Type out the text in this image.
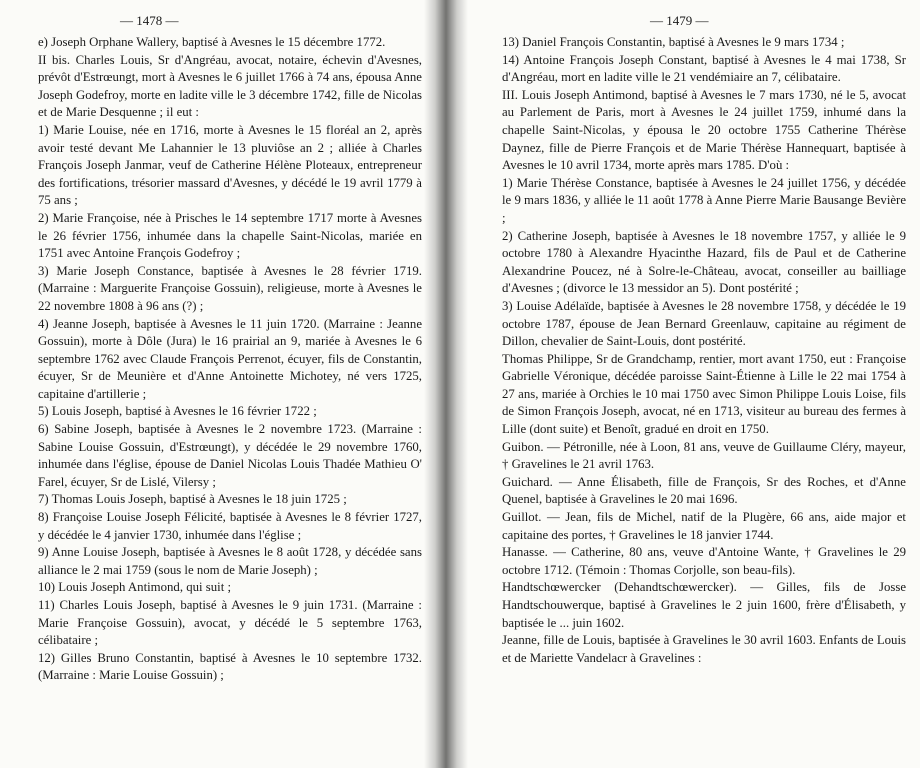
— 1478 —

e) Joseph Orphane Wallery, baptisé à Avesnes le 15 décembre 1772.

II bis. Charles Louis, Sr d'Angréau, avocat, notaire, échevin d'Avesnes, prévôt d'Estrœungt, mort à Avesnes le 6 juillet 1766 à 74 ans, épousa Anne Joseph Godefroy, morte en ladite ville le 3 décembre 1742, fille de Nicolas et de Marie Desquenne ; il eut :

1) Marie Louise, née en 1716, morte à Avesnes le 15 floréal an 2, après avoir testé devant Me Lahannier le 13 pluviôse an 2 ; alliée à Charles François Joseph Janmar, veuf de Catherine Hélène Ploteaux, entrepreneur des fortifications, trésorier massard d'Avesnes, y décédé le 19 avril 1779 à 75 ans ;

2) Marie Françoise, née à Prisches le 14 septembre 1717 morte à Avesnes le 26 février 1756, inhumée dans la chapelle Saint-Nicolas, mariée en 1751 avec Antoine François Godefroy ;

3) Marie Joseph Constance, baptisée à Avesnes le 28 février 1719. (Marraine : Marguerite Françoise Gossuin), religieuse, morte à Avesnes le 22 novembre 1808 à 96 ans (?) ;

4) Jeanne Joseph, baptisée à Avesnes le 11 juin 1720. (Marraine : Jeanne Gossuin), morte à Dôle (Jura) le 16 prairial an 9, mariée à Avesnes le 6 septembre 1762 avec Claude François Perrenot, écuyer, fils de Constantin, écuyer, Sr de Meunière et d'Anne Antoinette Michotey, né vers 1725, capitaine d'artillerie ;

5) Louis Joseph, baptisé à Avesnes le 16 février 1722 ;

6) Sabine Joseph, baptisée à Avesnes le 2 novembre 1723. (Marraine : Sabine Louise Gossuin, d'Estrœungt), y décédée le 29 novembre 1760, inhumée dans l'église, épouse de Daniel Nicolas Louis Thadée Mathieu O' Farel, écuyer, Sr de Lislé, Vilersy ;

7) Thomas Louis Joseph, baptisé à Avesnes le 18 juin 1725 ;

8) Françoise Louise Joseph Félicité, baptisée à Avesnes le 8 février 1727, y décédée le 4 janvier 1730, inhumée dans l'église ;

9) Anne Louise Joseph, baptisée à Avesnes le 8 août 1728, y décédée sans alliance le 2 mai 1759 (sous le nom de Marie Joseph) ;

10) Louis Joseph Antimond, qui suit ;

11) Charles Louis Joseph, baptisé à Avesnes le 9 juin 1731. (Marraine : Marie Françoise Gossuin), avocat, y décédé le 5 septembre 1763, célibataire ;

12) Gilles Bruno Constantin, baptisé à Avesnes le 10 septembre 1732. (Marraine : Marie Louise Gossuin) ;

— 1479 —

13) Daniel François Constantin, baptisé à Avesnes le 9 mars 1734 ;

14) Antoine François Joseph Constant, baptisé à Avesnes le 4 mai 1738, Sr d'Angréau, mort en ladite ville le 21 vendémiaire an 7, célibataire.

III. Louis Joseph Antimond, baptisé à Avesnes le 7 mars 1730, né le 5, avocat au Parlement de Paris, mort à Avesnes le 24 juillet 1759, inhumé dans la chapelle Saint-Nicolas, y épousa le 20 octobre 1755 Catherine Thérèse Daynez, fille de Pierre François et de Marie Thérèse Hannequart, baptisée à Avesnes le 10 avril 1734, morte après mars 1785. D'où :

1) Marie Thérèse Constance, baptisée à Avesnes le 24 juillet 1756, y décédée le 9 mars 1836, y alliée le 11 août 1778 à Anne Pierre Marie Bausange Bevière ;

2) Catherine Joseph, baptisée à Avesnes le 18 novembre 1757, y alliée le 9 octobre 1780 à Alexandre Hyacinthe Hazard, fils de Paul et de Catherine Alexandrine Poucez, né à Solre-le-Château, avocat, conseiller au bailliage d'Avesnes ; (divorce le 13 messidor an 5). Dont postérité ;

3) Louise Adélaïde, baptisée à Avesnes le 28 novembre 1758, y décédée le 19 octobre 1787, épouse de Jean Bernard Greenlauw, capitaine au régiment de Dillon, chevalier de Saint-Louis, dont postérité.

Thomas Philippe, Sr de Grandchamp, rentier, mort avant 1750, eut : Françoise Gabrielle Véronique, décédée paroisse Saint-Étienne à Lille le 22 mai 1754 à 27 ans, mariée à Orchies le 10 mai 1750 avec Simon Philippe Louis Loise, fils de Simon François Joseph, avocat, né en 1713, visiteur au bureau des fermes à Lille (dont suite) et Benoît, gradué en droit en 1750.

Guibon. — Pétronille, née à Loon, 81 ans, veuve de Guillaume Cléry, mayeur, † Gravelines le 21 avril 1763.

Guichard. — Anne Élisabeth, fille de François, Sr des Roches, et d'Anne Quenel, baptisée à Gravelines le 20 mai 1696.

Guillot. — Jean, fils de Michel, natif de la Plugère, 66 ans, aide major et capitaine des portes, † Gravelines le 18 janvier 1744.

Hanasse. — Catherine, 80 ans, veuve d'Antoine Wante, † Gravelines le 29 octobre 1712. (Témoin : Thomas Corjolle, son beau-fils).

Handtschœwercker (Dehandtschœwercker). — Gilles, fils de Josse Handtschouwerque, baptisé à Gravelines le 2 juin 1600, frère d'Élisabeth, y baptisée le ... juin 1602.

Jeanne, fille de Louis, baptisée à Gravelines le 30 avril 1603. Enfants de Louis et de Mariette Vandelacr à Gravelines :
